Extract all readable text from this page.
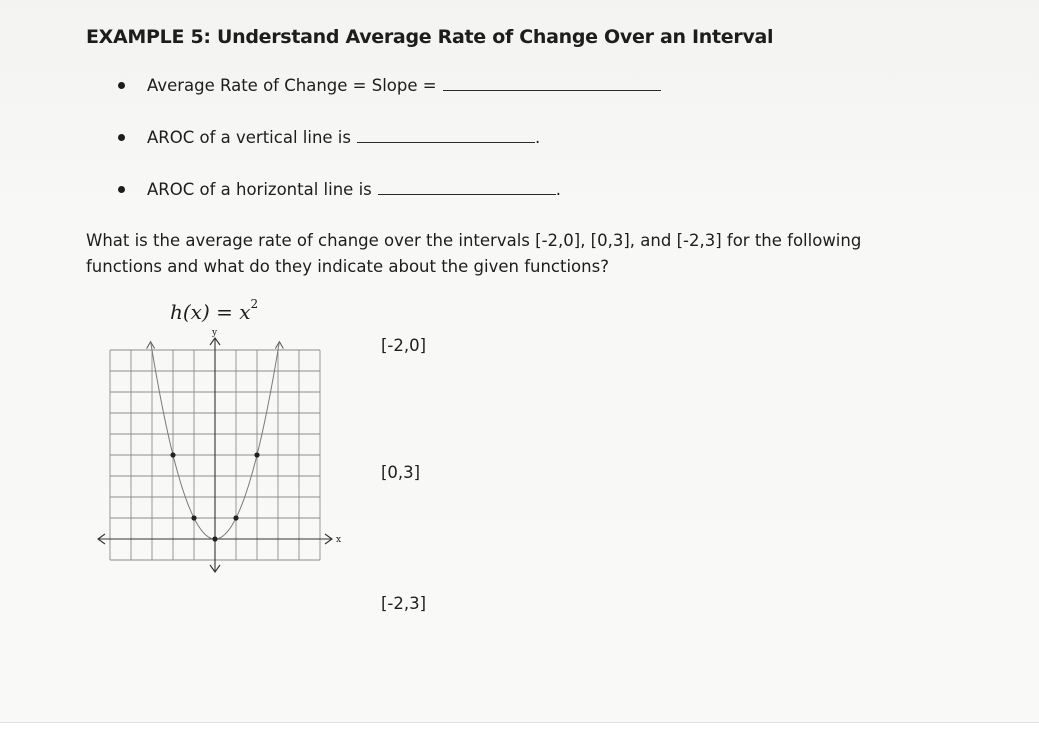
EXAMPLE 5: Understand Average Rate of Change Over an Interval
Average Rate of Change = Slope =
AROC of a vertical line is	.
AROC of a horizontal line is	.
What is the average rate of change over the intervals [-2,0], [0,3], and [-2,3] for the following functions and what do they indicate about the given functions?
$h(x) = x^2$
[-2,0]
[0,3]
[-2,3]
x
y
